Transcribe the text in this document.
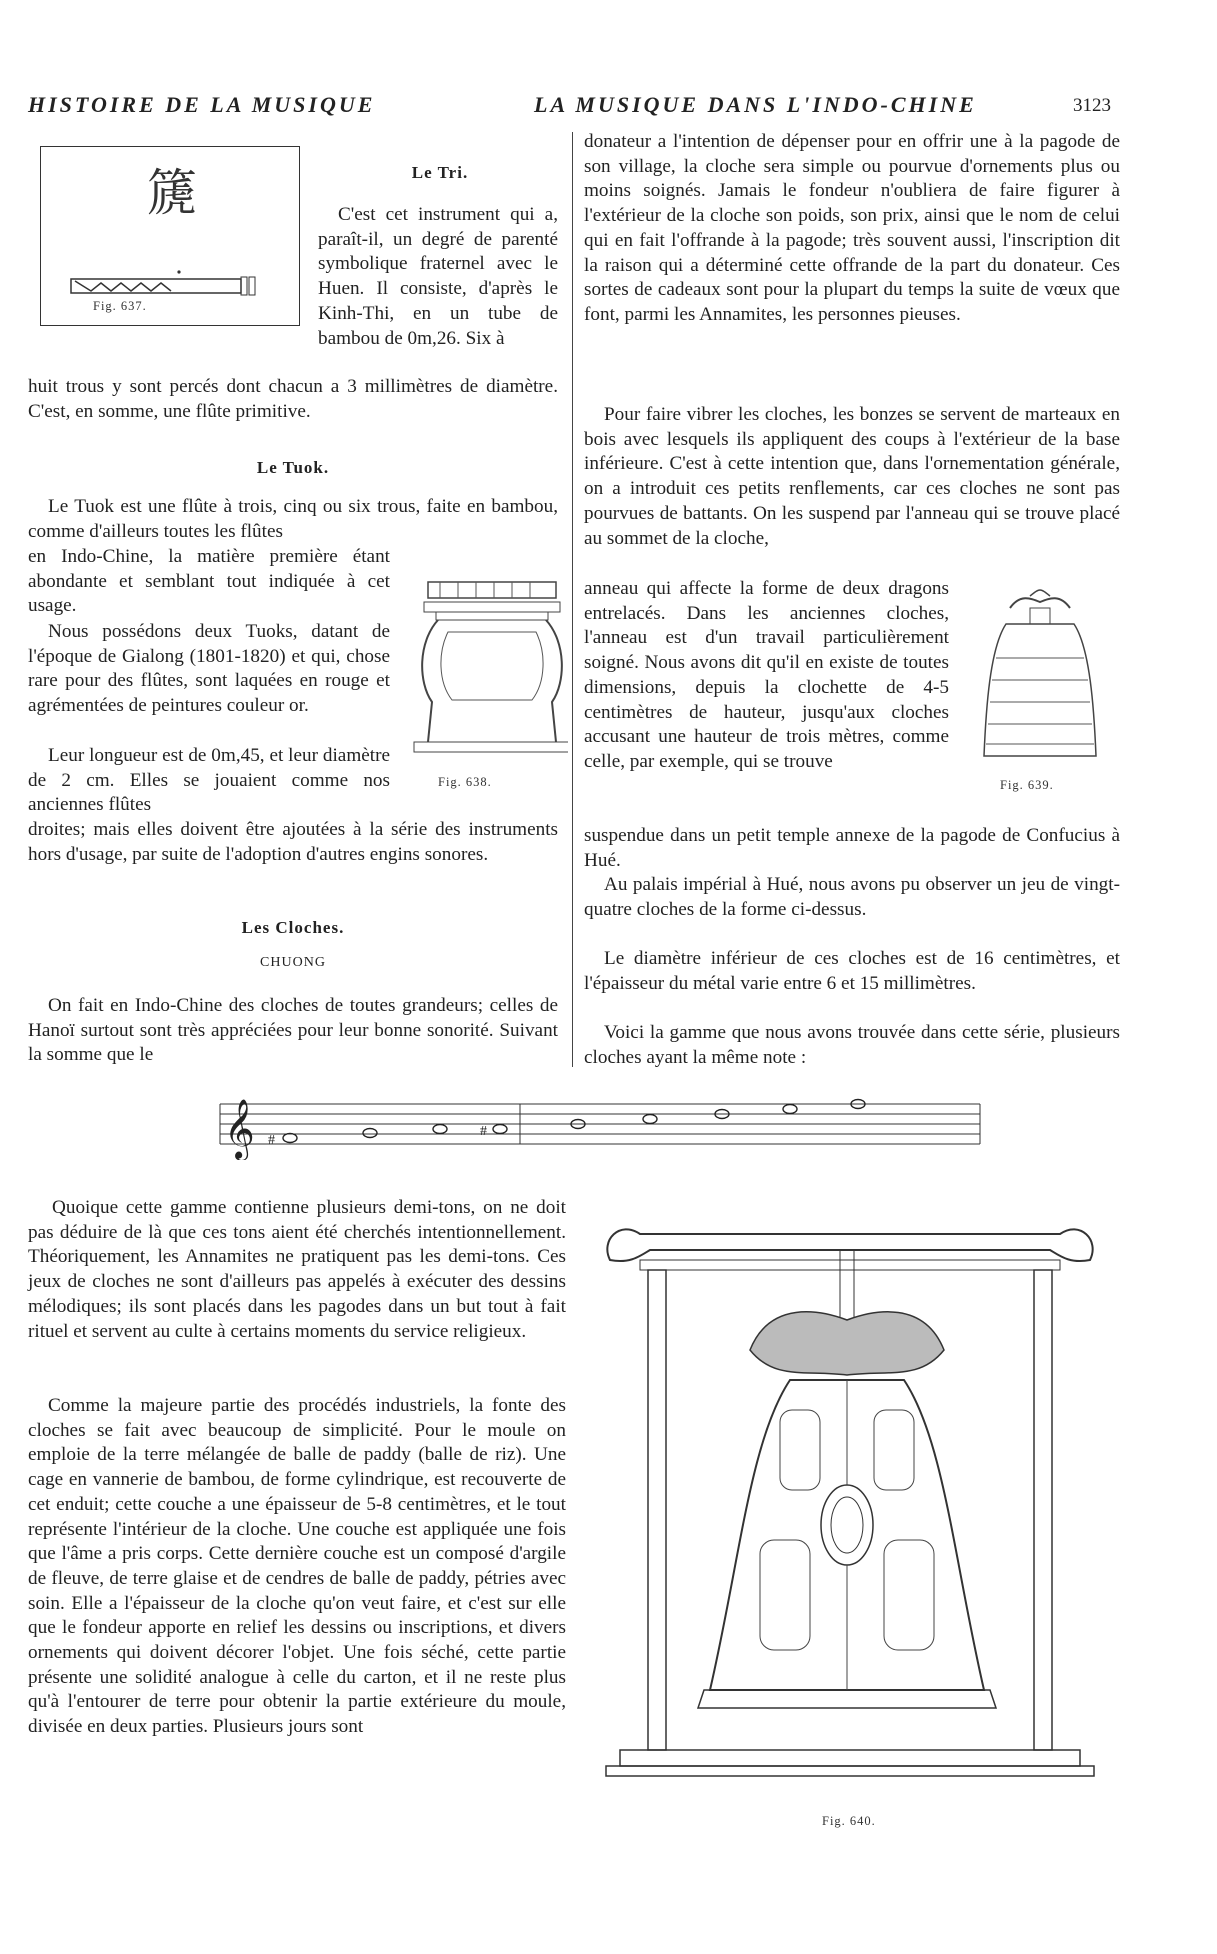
HISTOIRE DE LA MUSIQUE	LA MUSIQUE DANS L'INDO-CHINE	3123
篪
Fig. 637.
Le Tri.
C'est cet instrument qui a, paraît-il, un degré de parenté symbolique fraternel avec le Huen. Il consiste, d'après le Kinh-Thi, en un tube de bambou de 0m,26. Six à
huit trous y sont percés dont chacun a 3 millimètres de diamètre. C'est, en somme, une flûte primitive.
Le Tuok.
Le Tuok est une flûte à trois, cinq ou six trous, faite en bambou, comme d'ailleurs toutes les flûtes
en Indo-Chine, la matière première étant abondante et semblant tout indiquée à cet usage.
Fig. 638.
Nous possédons deux Tuoks, datant de l'époque de Gialong (1801-1820) et qui, chose rare pour des flûtes, sont laquées en rouge et agrémentées de peintures couleur or.
Leur longueur est de 0m,45, et leur diamètre de 2 cm. Elles se jouaient comme nos anciennes flûtes
droites; mais elles doivent être ajoutées à la série des instruments hors d'usage, par suite de l'adoption d'autres engins sonores.
Les Cloches.
CHUONG
On fait en Indo-Chine des cloches de toutes grandeurs; celles de Hanoï surtout sont très appréciées pour leur bonne sonorité. Suivant la somme que le
donateur a l'intention de dépenser pour en offrir une à la pagode de son village, la cloche sera simple ou pourvue d'ornements plus ou moins soignés. Jamais le fondeur n'oubliera de faire figurer à l'extérieur de la cloche son poids, son prix, ainsi que le nom de celui qui en fait l'offrande à la pagode; très souvent aussi, l'inscription dit la raison qui a déterminé cette offrande de la part du donateur. Ces sortes de cadeaux sont pour la plupart du temps la suite de vœux que font, parmi les Annamites, les personnes pieuses.
Pour faire vibrer les cloches, les bonzes se servent de marteaux en bois avec lesquels ils appliquent des coups à l'extérieur de la base inférieure. C'est à cette intention que, dans l'ornementation générale, on a introduit ces petits renflements, car ces cloches ne sont pas pourvues de battants. On les suspend par l'anneau qui se trouve placé au sommet de la cloche,
anneau qui affecte la forme de deux dragons entrelacés. Dans les anciennes cloches, l'anneau est d'un travail particulièrement soigné. Nous avons dit qu'il en existe de toutes dimensions, depuis la clochette de 4-5 centimètres de hauteur, jusqu'aux cloches accusant une hauteur de trois mètres, comme celle, par exemple, qui se trouve
Fig. 639.
suspendue dans un petit temple annexe de la pagode de Confucius à Hué.
Au palais impérial à Hué, nous avons pu observer un jeu de vingt-quatre cloches de la forme ci-dessus.
Le diamètre inférieur de ces cloches est de 16 centimètres, et l'épaisseur du métal varie entre 6 et 15 millimètres.
Voici la gamme que nous avons trouvée dans cette série, plusieurs cloches ayant la même note :
𝄞 #
#
Quoique cette gamme contienne plusieurs demi-tons, on ne doit pas déduire de là que ces tons aient été cherchés intentionnellement. Théoriquement, les Annamites ne pratiquent pas les demi-tons. Ces jeux de cloches ne sont d'ailleurs pas appelés à exécuter des dessins mélodiques; ils sont placés dans les pagodes dans un but tout à fait rituel et servent au culte à certains moments du service religieux.
Comme la majeure partie des procédés industriels, la fonte des cloches se fait avec beaucoup de simplicité. Pour le moule on emploie de la terre mélangée de balle de paddy (balle de riz). Une cage en vannerie de bambou, de forme cylindrique, est recouverte de cet enduit; cette couche a une épaisseur de 5-8 centimètres, et le tout représente l'intérieur de la cloche. Une couche est appliquée une fois que l'âme a pris corps. Cette dernière couche est un composé d'argile de fleuve, de terre glaise et de cendres de balle de paddy, pétries avec soin. Elle a l'épaisseur de la cloche qu'on veut faire, et c'est sur elle que le fondeur apporte en relief les dessins ou inscriptions, et divers ornements qui doivent décorer l'objet. Une fois séché, cette partie présente une solidité analogue à celle du carton, et il ne reste plus qu'à l'entourer de terre pour obtenir la partie extérieure du moule, divisée en deux parties. Plusieurs jours sont
Fig. 640.
